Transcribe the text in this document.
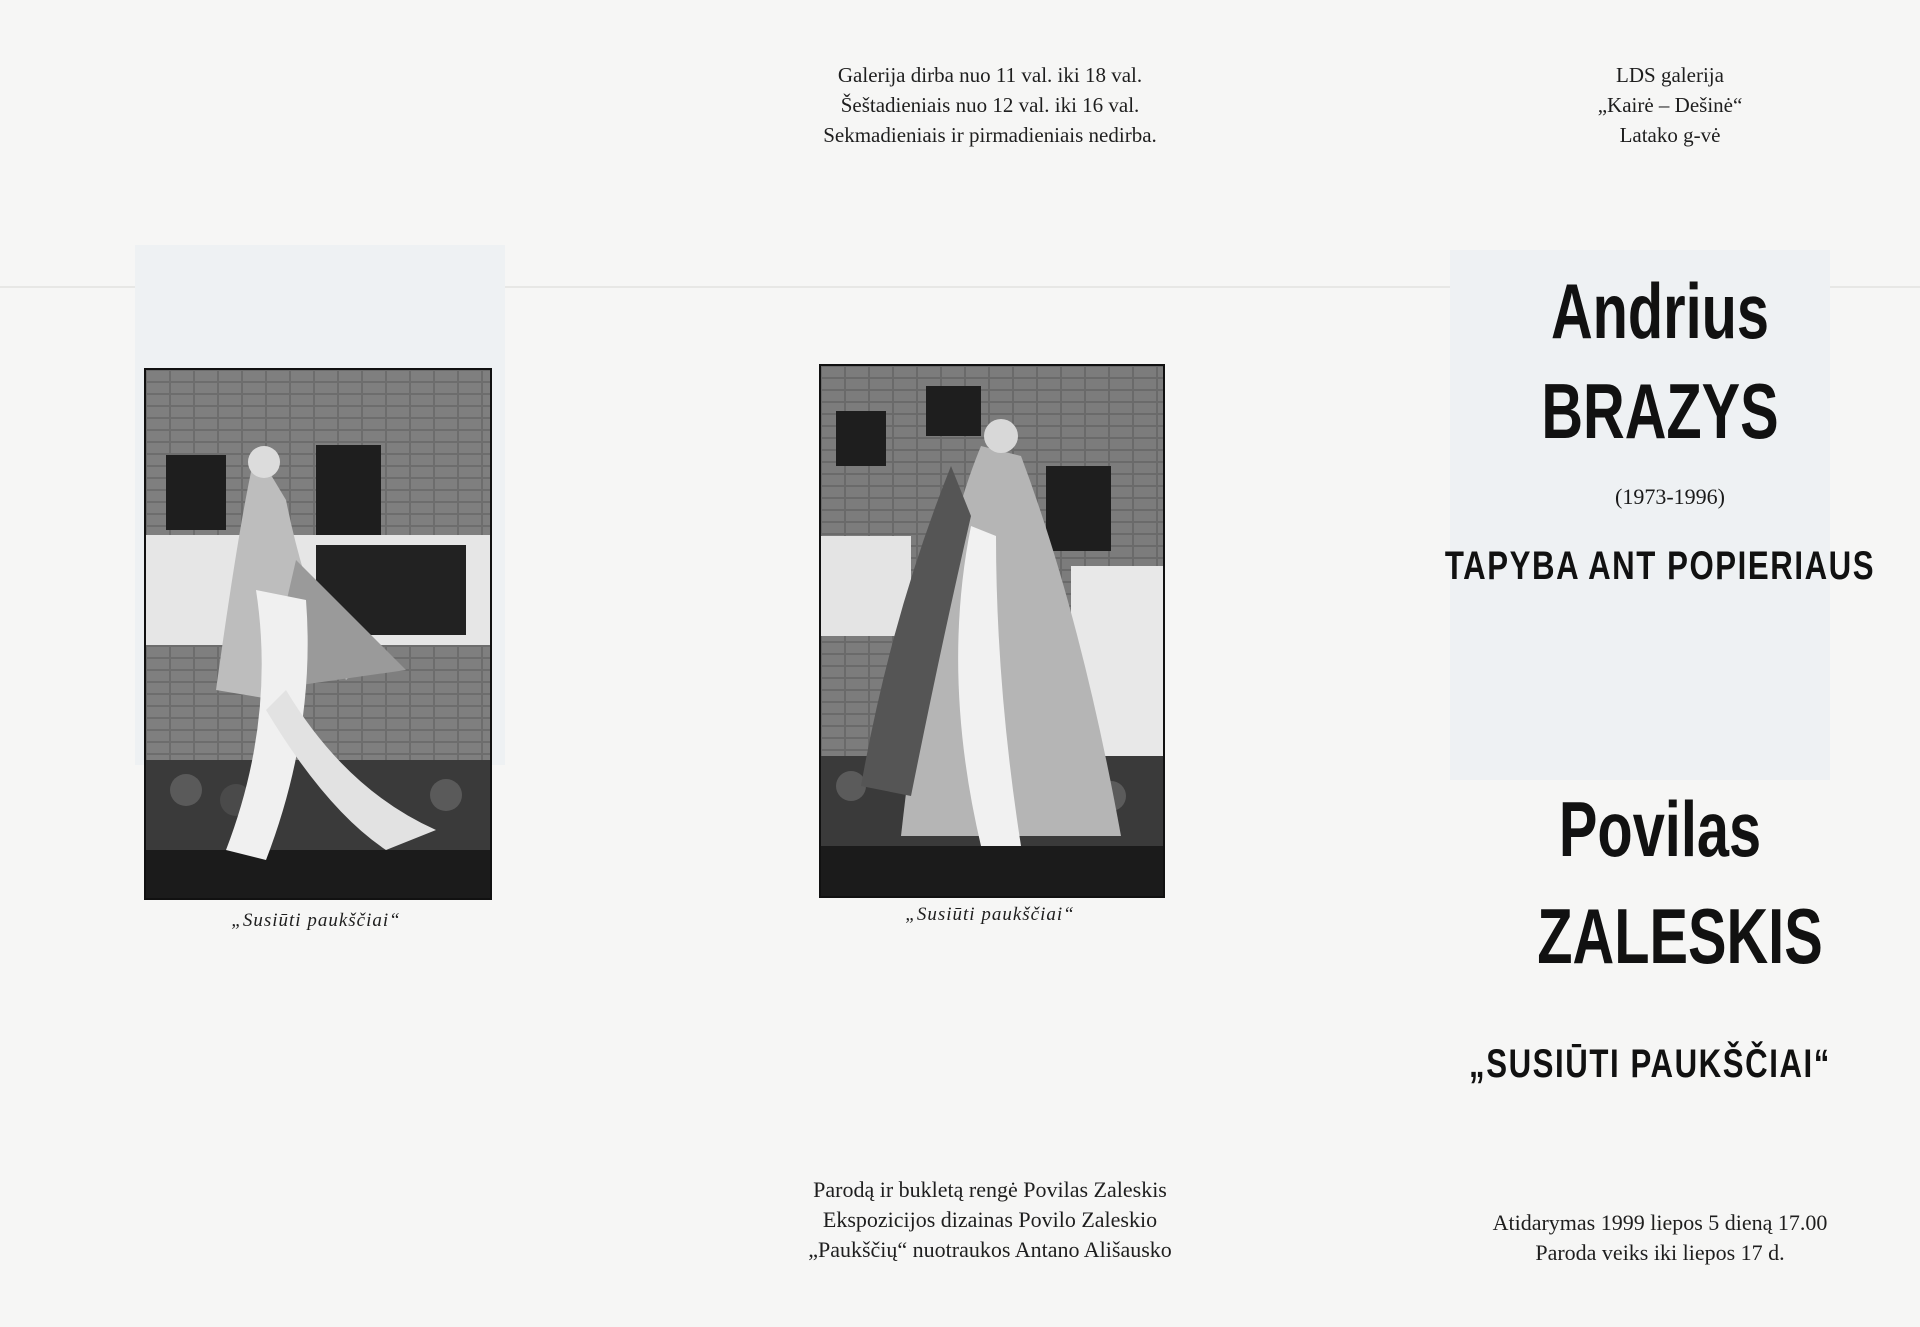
Galerija dirba nuo 11 val. iki 18 val.
Šeštadieniais nuo 12 val. iki 16 val.
Sekmadieniais ir pirmadieniais nedirba.
LDS galerija
„Kairė – Dešinė“
Latako g-vė
„Susiūti paukščiai“	„Susiūti paukščiai“
Parodą ir bukletą rengė Povilas Zaleskis
Ekspozicijos dizainas Povilo Zaleskio
„Paukščių“ nuotraukos Antano Ališausko
Andrius
BRAZYS
(1973-1996)
TAPYBA ANT POPIERIAUS
Povilas
ZALESKIS
„SUSIŪTI PAUKŠČIAI“
Atidarymas 1999 liepos 5 dieną 17.00
Paroda veiks iki liepos 17 d.
